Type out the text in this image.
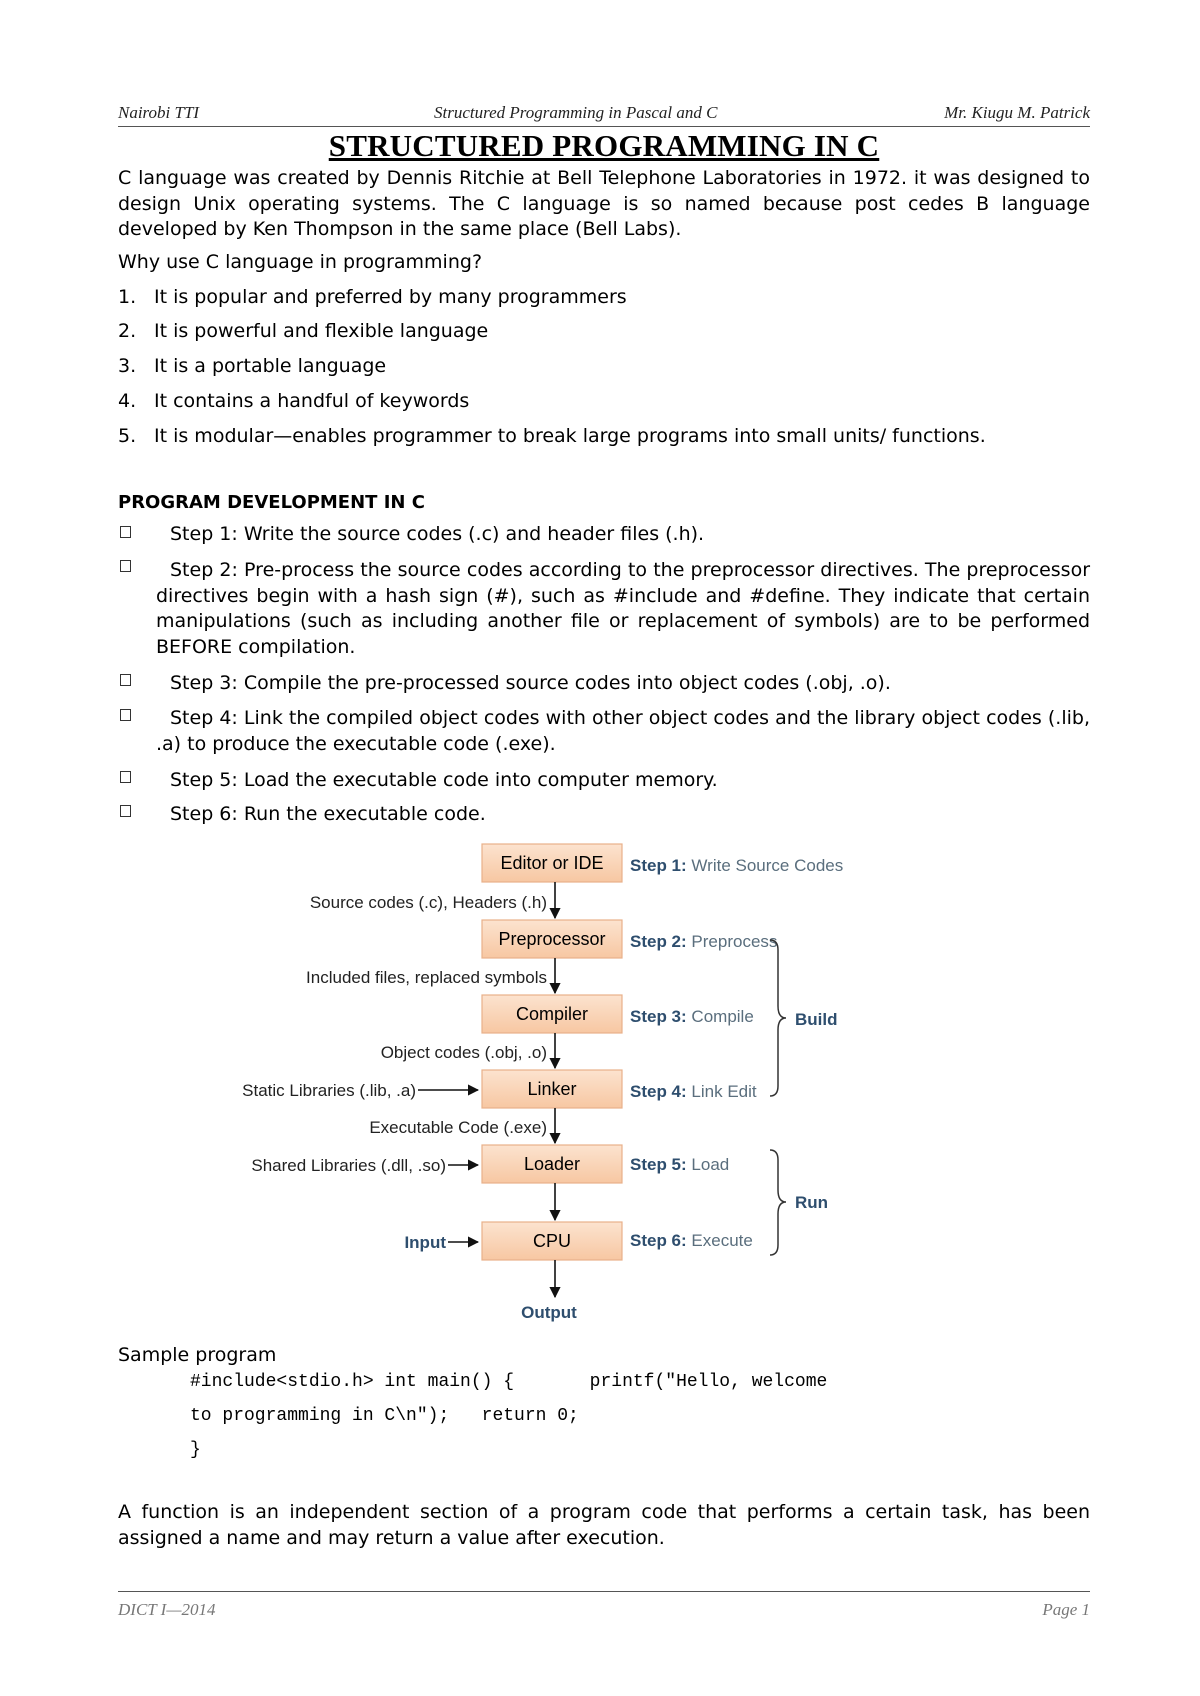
Nairobi TTI	Structured Programming in Pascal and C	Mr. Kiugu M. Patrick
STRUCTURED PROGRAMMING IN C
C language was created by Dennis Ritchie at Bell Telephone Laboratories in 1972. it was designed to design Unix operating systems. The C language is so named because post cedes B language developed by Ken Thompson in the same place (Bell Labs).
Why use C language in programming?
1. It is popular and preferred by many programmers
2. It is powerful and flexible language
3. It is a portable language
4. It contains a handful of keywords
5. It is modular—enables programmer to break large programs into small units/ functions.
PROGRAM DEVELOPMENT IN C
Step 1: Write the source codes (.c) and header files (.h).
Step 2: Pre-process the source codes according to the preprocessor directives. The preprocessor directives begin with a hash sign (#), such as #include and #define. They indicate that certain manipulations (such as including another file or replacement of symbols) are to be performed BEFORE compilation.
Step 3: Compile the pre-processed source codes into object codes (.obj, .o).
Step 4: Link the compiled object codes with other object codes and the library object codes (.lib, .a) to produce the executable code (.exe).
Step 5: Load the executable code into computer memory.
Step 6: Run the executable code.
Editor or IDE
Preprocessor
Compiler
Linker
Loader
CPU
Source codes (.c), Headers (.h)
Included files, replaced symbols
Object codes (.obj, .o)
Executable Code (.exe)
Static Libraries (.lib, .a)
Shared Libraries (.dll, .so)
Input
Output
Step 1: Write Source Codes
Step 2: Preprocess
Step 3: Compile
Step 4: Link Edit
Step 5: Load
Step 6: Execute
Build
Run
Sample program
#include<stdio.h> int main() {       printf("Hello, welcome
to programming in C\n");   return 0;
}
A function is an independent section of a program code that performs a certain task, has been assigned a name and may return a value after execution.
DICT I—2014	Page 1
